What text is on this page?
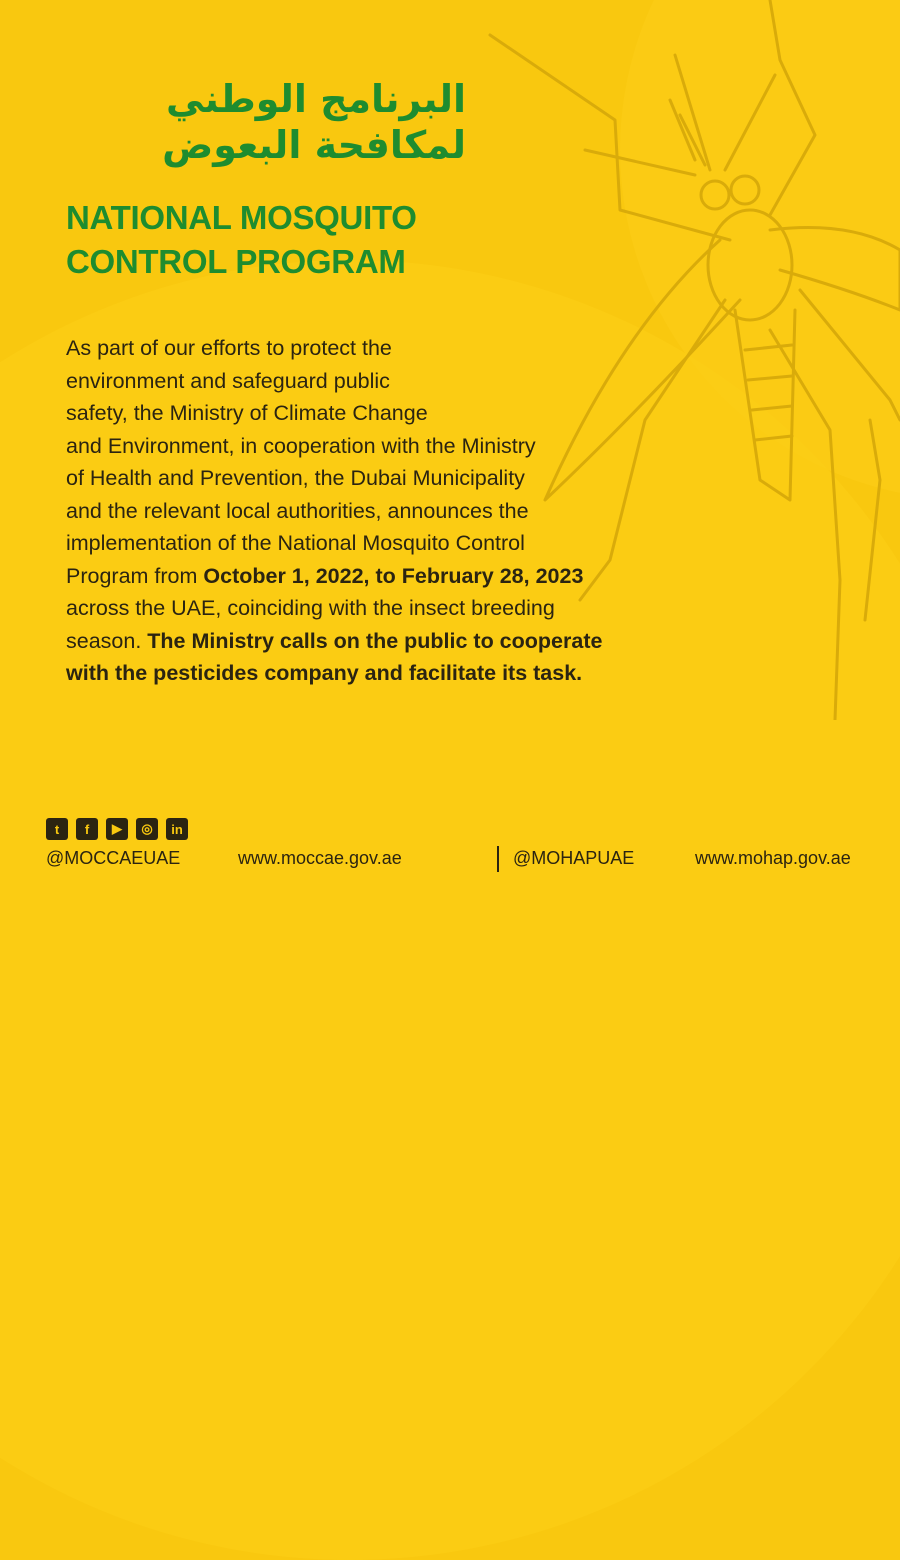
البرنامج الوطني
لمكافحة البعوض
NATIONAL MOSQUITO
CONTROL PROGRAM
As part of our efforts to protect the
environment and safeguard public
safety, the Ministry of Climate Change
and Environment, in cooperation with the Ministry
of Health and Prevention, the Dubai Municipality
and the relevant local authorities, announces the
implementation of the National Mosquito Control
Program from October 1, 2022, to February 28, 2023
across the UAE, coinciding with the insect breeding
season. The Ministry calls on the public to cooperate
with the pesticides company and facilitate its task.
t	f	▶	◎	in
@MOCCAEUAE	www.moccae.gov.ae	@MOHAPUAE	www.mohap.gov.ae
